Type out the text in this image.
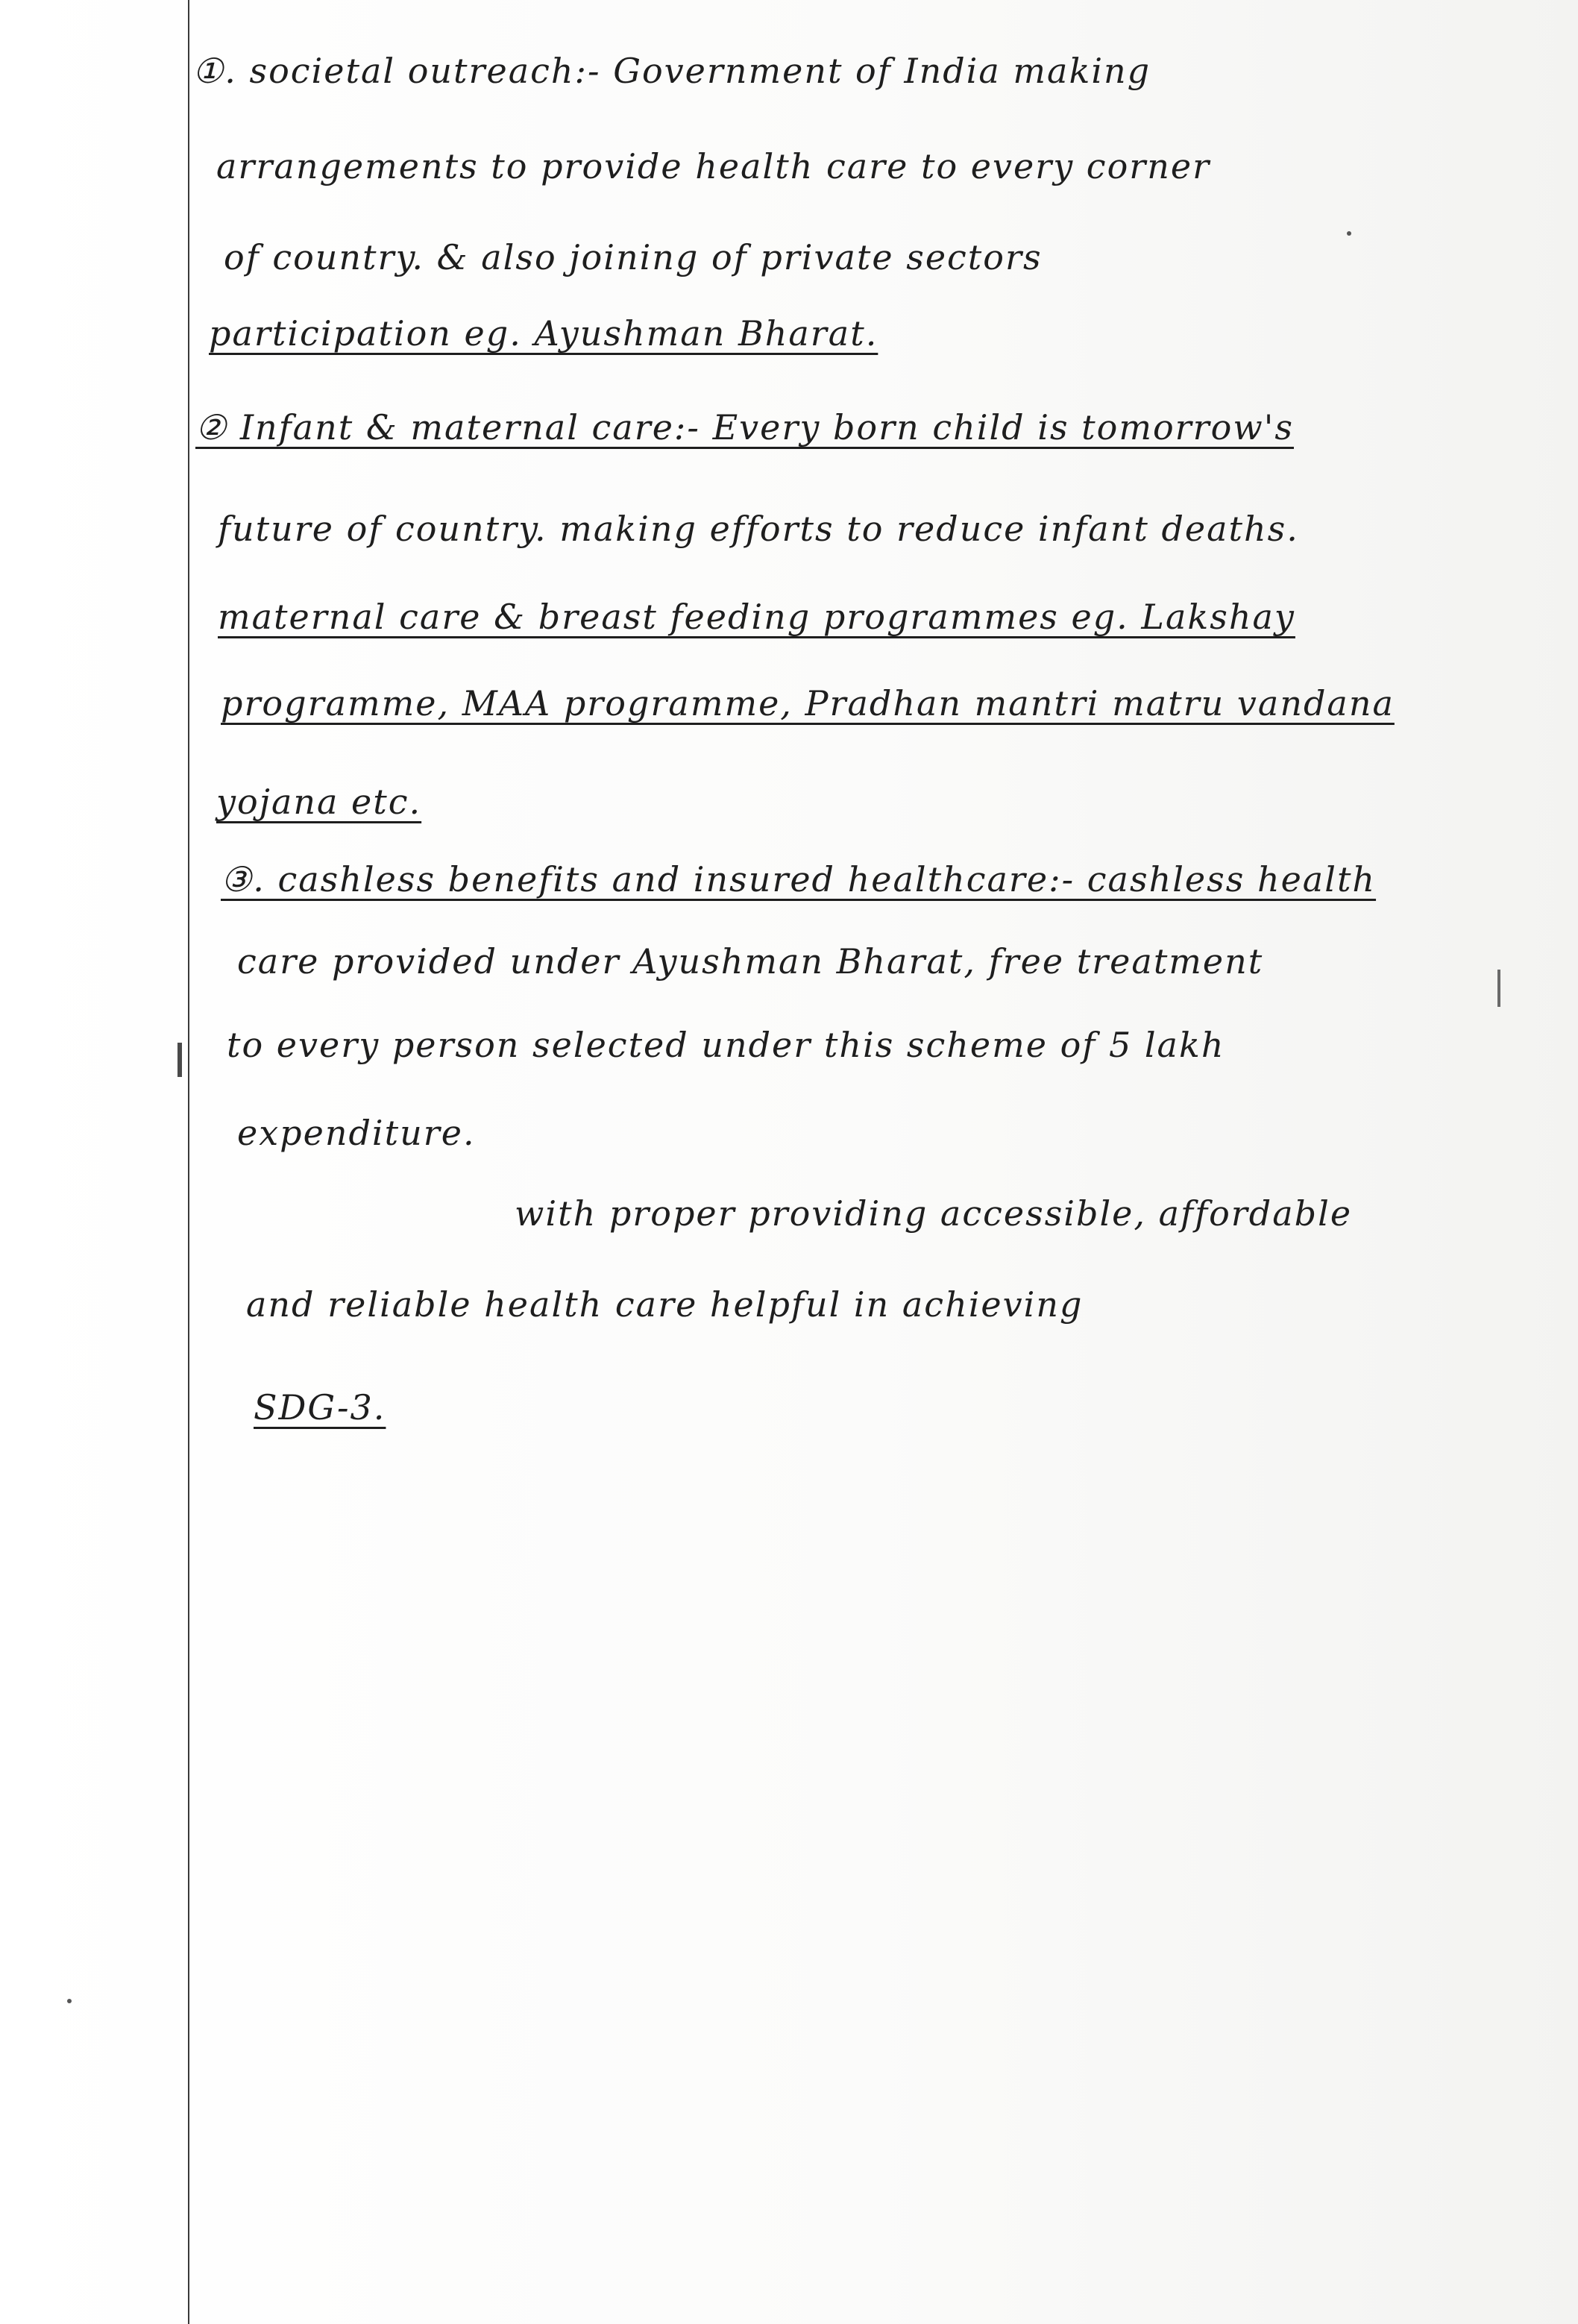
①. societal outreach:- Government of India making

arrangements to provide health care to every corner

of country. & also joining of private sectors

participation eg. Ayushman Bharat.

② Infant & maternal care:- Every born child is tomorrow's

future of country. making efforts to reduce infant deaths.

maternal care & breast feeding programmes eg. Lakshay

programme, MAA programme, Pradhan mantri matru vandana

yojana etc.

③. cashless benefits and insured healthcare:- cashless health

care provided under Ayushman Bharat, free treatment

to every person selected under this scheme of 5 lakh

expenditure.

with proper providing accessible, affordable

and reliable health care helpful in achieving

SDG-3.
